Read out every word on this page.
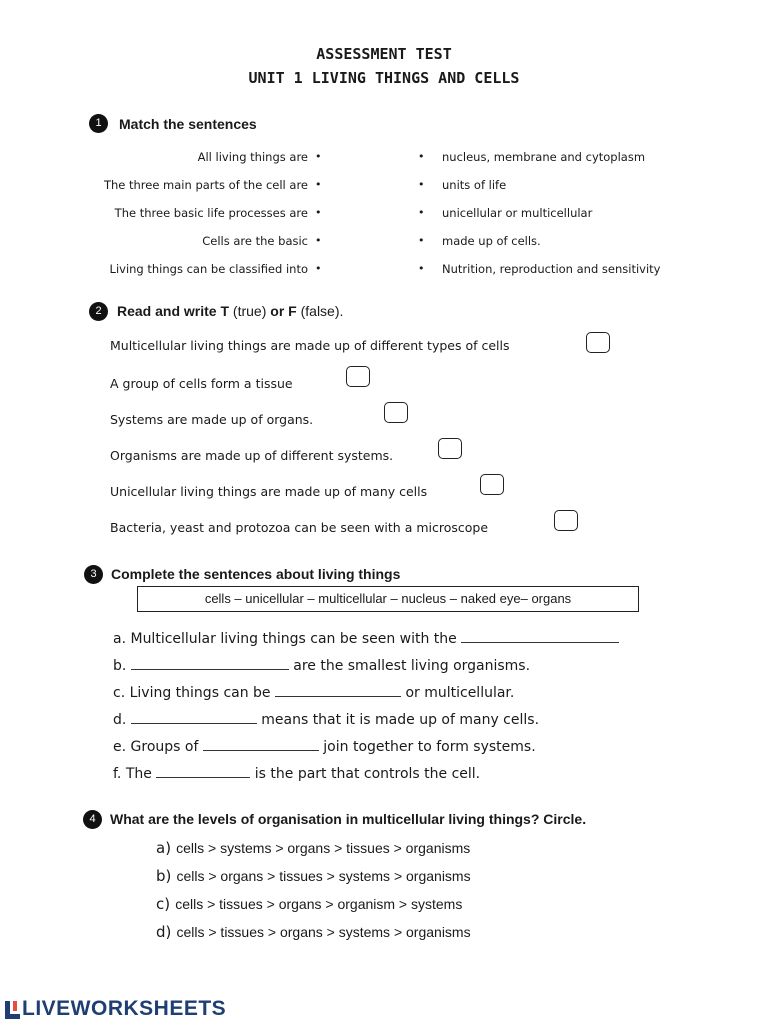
ASSESSMENT TEST
UNIT 1 LIVING THINGS AND CELLS
1	Match the sentences
2	Read and write T (true) or F (false).
Multicellular living things are made up of different types of cells
A group of cells form a tissue
Systems are made up of organs.
Organisms are made up of different systems.
Unicellular living things are made up of many cells
Bacteria, yeast and protozoa can be seen with a microscope
3	Complete the sentences about living things
cells – unicellular – multicellular – nucleus – naked eye– organs
a. Multicellular living things can be seen with the
b.	are the smallest living organisms.
c. Living things can be	or multicellular.
d.	means that it is made up of many cells.
e. Groups of	join together to form systems.
f. The	is the part that controls the cell.
4	What are the levels of organisation in multicellular living things? Circle.
a) cells > systems > organs > tissues > organisms
b) cells > organs > tissues > systems > organisms
c) cells > tissues > organs > organism > systems
d) cells > tissues > organs > systems > organisms
LIVEWORKSHEETS
All living things are •	• nucleus, membrane and cytoplasm
The three main parts of the cell are •	• units of life
The three basic life processes are •	• unicellular or multicellular
Cells are the basic •	• made up of cells.
Living things can be classified into •	• Nutrition, reproduction and sensitivity
